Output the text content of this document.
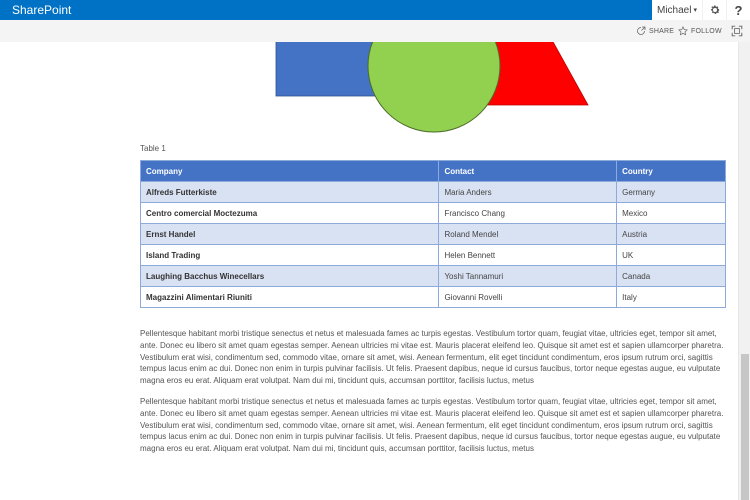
SharePoint	Michael ▾	?
SHARE FOLLOW
Table 1
Company	Contact	Country
Alfreds Futterkiste	Maria Anders	Germany
Centro comercial Moctezuma	Francisco Chang	Mexico
Ernst Handel	Roland Mendel	Austria
Island Trading	Helen Bennett	UK
Laughing Bacchus Winecellars	Yoshi Tannamuri	Canada
Magazzini Alimentari Riuniti	Giovanni Rovelli	Italy

Pellentesque habitant morbi tristique senectus et netus et malesuada fames ac turpis egestas. Vestibulum tortor quam, feugiat vitae, ultricies eget, tempor sit amet, ante. Donec eu libero sit amet quam egestas semper. Aenean ultricies mi vitae est. Mauris placerat eleifend leo. Quisque sit amet est et sapien ullamcorper pharetra. Vestibulum erat wisi, condimentum sed, commodo vitae, ornare sit amet, wisi. Aenean fermentum, elit eget tincidunt condimentum, eros ipsum rutrum orci, sagittis tempus lacus enim ac dui. Donec non enim in turpis pulvinar facilisis. Ut felis. Praesent dapibus, neque id cursus faucibus, tortor neque egestas augue, eu vulputate magna eros eu erat. Aliquam erat volutpat. Nam dui mi, tincidunt quis, accumsan porttitor, facilisis luctus, metus

Pellentesque habitant morbi tristique senectus et netus et malesuada fames ac turpis egestas. Vestibulum tortor quam, feugiat vitae, ultricies eget, tempor sit amet, ante. Donec eu libero sit amet quam egestas semper. Aenean ultricies mi vitae est. Mauris placerat eleifend leo. Quisque sit amet est et sapien ullamcorper pharetra. Vestibulum erat wisi, condimentum sed, commodo vitae, ornare sit amet, wisi. Aenean fermentum, elit eget tincidunt condimentum, eros ipsum rutrum orci, sagittis tempus lacus enim ac dui. Donec non enim in turpis pulvinar facilisis. Ut felis. Praesent dapibus, neque id cursus faucibus, tortor neque egestas augue, eu vulputate magna eros eu erat. Aliquam erat volutpat. Nam dui mi, tincidunt quis, accumsan porttitor, facilisis luctus, metus
